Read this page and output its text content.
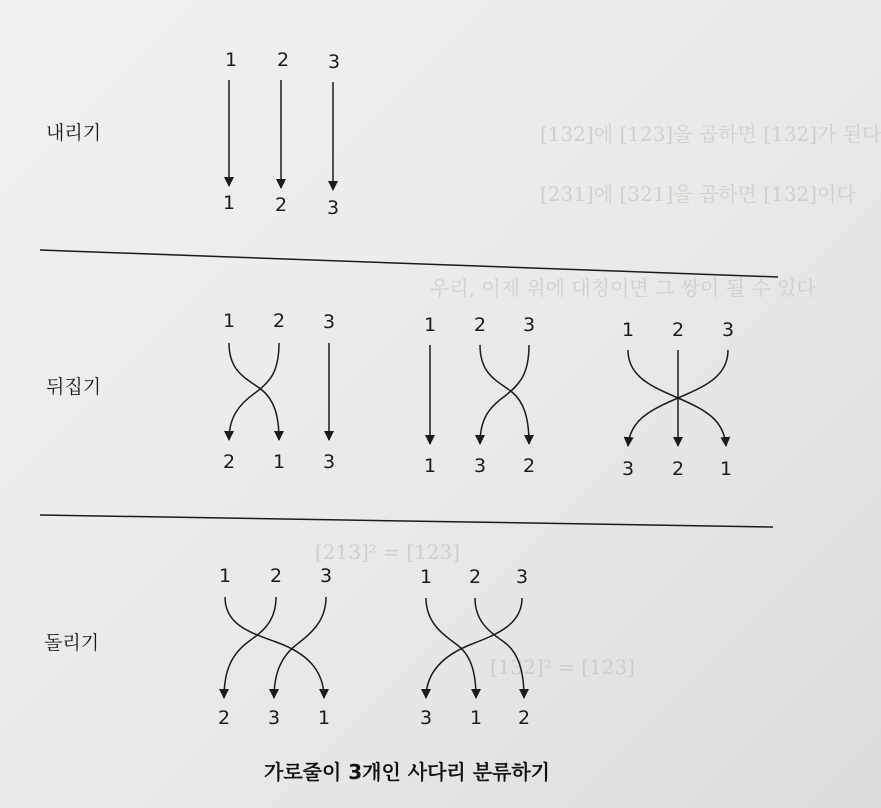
[132]에 [123]을 곱하면 [132]가 된다
[231]에 [321]을 곱하면 [132]이다
우리, 이제 위에 대칭이면 그 쌍이 될 수 있다
[213]² = [123]
[132]² = [123]
내리기
뒤집기
돌리기
1 2 3
1 2 3
1 2 3
2 1 3
1 2 3
1 3 2
1 2 3
3 2 1
1 2 3
2 3 1
1 2 3
3 1 2
가로줄이 3개인 사다리 분류하기
